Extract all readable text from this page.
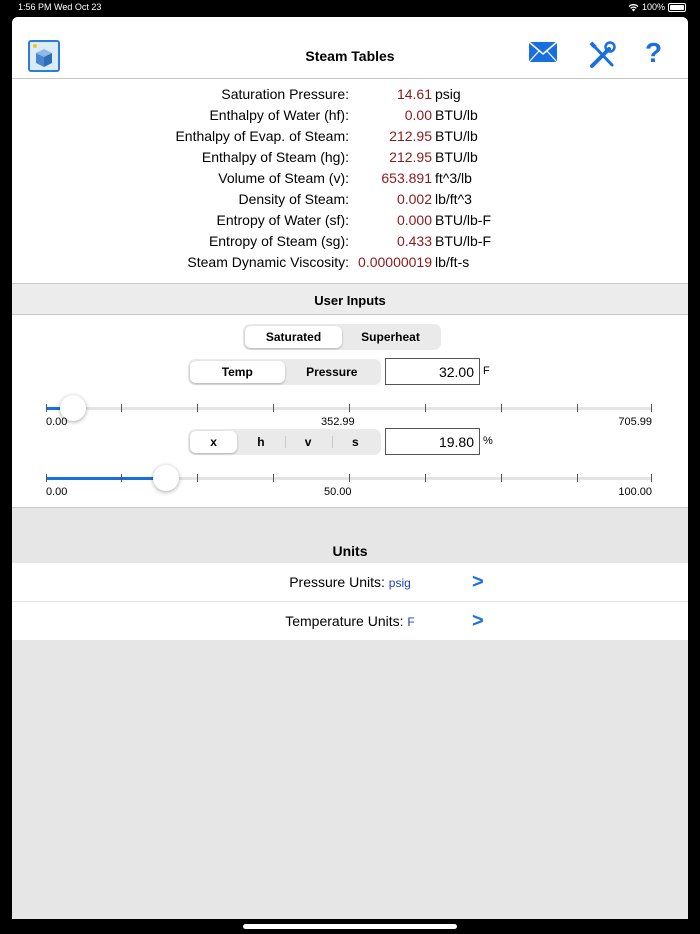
1:56 PM Wed Oct 23	100%
Steam Tables	?
Saturation Pressure:	14.61 psig
Enthalpy of Water (hf):	0.00 BTU/lb
Enthalpy of Evap. of Steam:	212.95 BTU/lb
Enthalpy of Steam (hg):	212.95 BTU/lb
Volume of Steam (v): 653.891 ft^3/lb
Density of Steam:	0.002 lb/ft^3
Entropy of Water (sf):	0.000 BTU/lb-F
Entropy of Steam (sg):	0.433 BTU/lb-F
Steam Dynamic Viscosity: 0.00000019 lb/ft-s
User Inputs
Saturated	Superheat
Temp	Pressure
32.00	F
0.00	352.99	705.99
x	h	v	s
19.80	%
0.00	50.00	100.00
Units
Pressure Units: psig	>
Temperature Units: F	>
